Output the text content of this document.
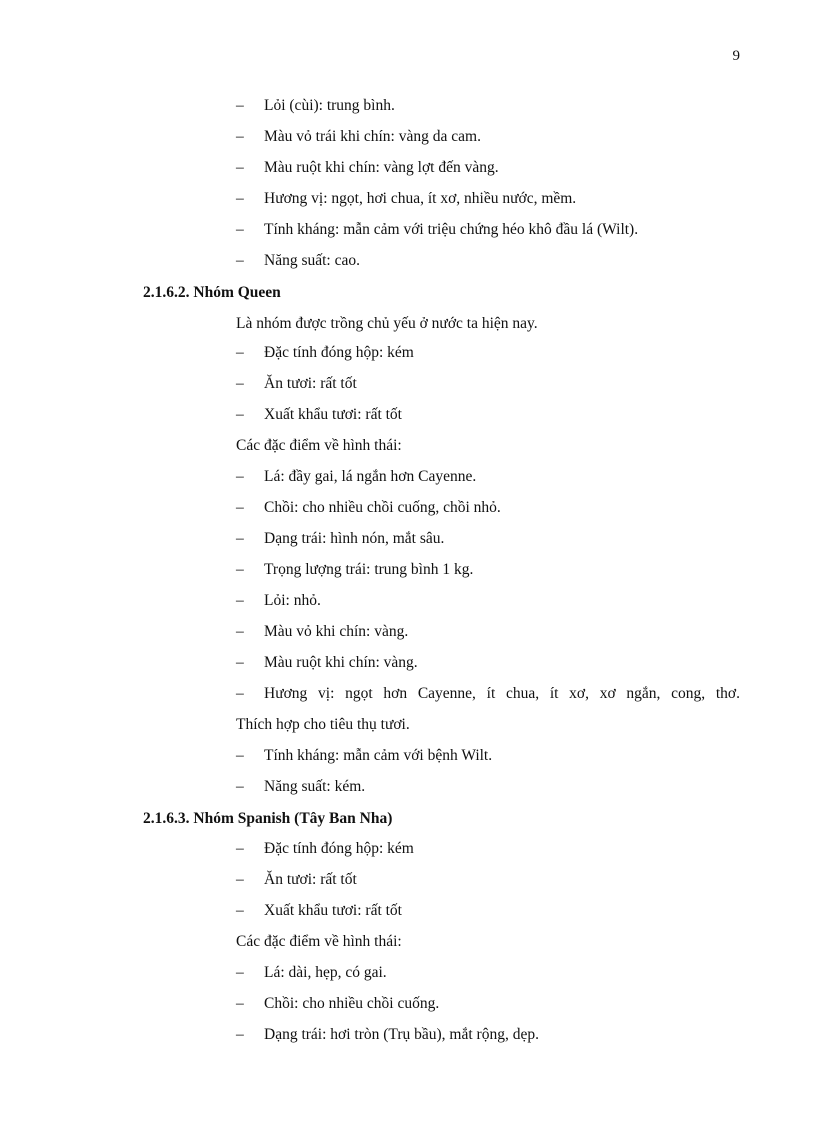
9
– Lỏi (cùi): trung bình.
– Màu vỏ trái khi chín: vàng da cam.
– Màu ruột khi chín: vàng lợt đến vàng.
– Hương vị: ngọt, hơi chua, ít xơ, nhiều nước, mềm.
– Tính kháng: mẫn cảm với triệu chứng héo khô đầu lá (Wilt).
– Năng suất: cao.
2.1.6.2. Nhóm Queen
Là nhóm được trồng chủ yếu ở nước ta hiện nay.
– Đặc tính đóng hộp: kém
– Ăn tươi: rất tốt
– Xuất khẩu tươi: rất tốt
Các đặc điểm về hình thái:
– Lá: đầy gai, lá ngắn hơn Cayenne.
– Chồi: cho nhiều chồi cuống, chồi nhỏ.
– Dạng trái: hình nón, mắt sâu.
– Trọng lượng trái: trung bình 1 kg.
– Lỏi: nhỏ.
– Màu vỏ khi chín: vàng.
– Màu ruột khi chín: vàng.
– Hương vị: ngọt hơn Cayenne, ít chua, ít xơ, xơ ngắn, cong, thơ.
Thích hợp cho tiêu thụ tươi.
– Tính kháng: mẫn cảm với bệnh Wilt.
– Năng suất: kém.
2.1.6.3. Nhóm Spanish (Tây Ban Nha)
– Đặc tính đóng hộp: kém
– Ăn tươi: rất tốt
– Xuất khẩu tươi: rất tốt
Các đặc điểm về hình thái:
– Lá: dài, hẹp, có gai.
– Chồi: cho nhiều chồi cuống.
– Dạng trái: hơi tròn (Trụ bầu), mắt rộng, dẹp.
